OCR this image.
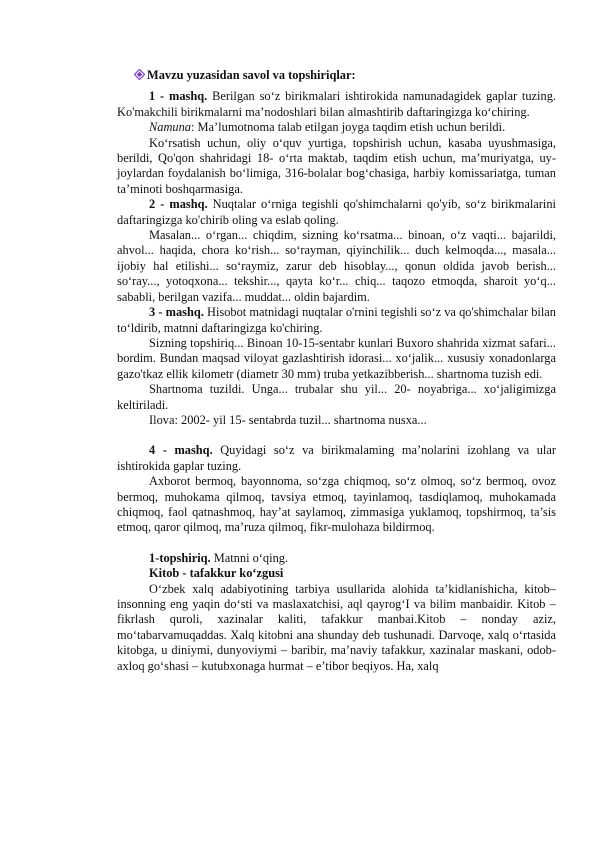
Mavzu yuzasidan savol va topshiriqlar:

1 - mashq. Berilgan so‘z birikmalari ishtirokida namunadagidek gaplar tuzing. Ko'makchili birikmalarni ma’nodoshlari bilan almashtirib daftaringizga ko‘chiring.

Namuna: Ma’lumotnoma talab etilgan joyga taqdim etish uchun berildi.

Ko‘rsatish uchun, oliy o‘quv yurtiga, topshirish uchun, kasaba uyushmasiga, berildi, Qo'qon shahridagi 18- o‘rta maktab, taqdim etish uchun, ma’muriyatga, uy-joylardan foydalanish bo‘limiga, 316-bolalar bog‘chasiga, harbiy komissariatga, tuman ta’minoti boshqarmasiga.

2 - mashq. Nuqtalar o‘rniga tegishli qo'shimchalarni qo'yib, so‘z birikmalarini daftaringizga ko'chirib oling va eslab qoling.

Masalan... o‘rgan... chiqdim, sizning ko‘rsatma... binoan, o‘z vaqti... bajarildi, ahvol... haqida, chora ko‘rish... so‘rayman, qiyinchilik... duch kelmoqda..., masala... ijobiy hal etilishi... so‘raymiz, zarur deb hisoblay..., qonun oldida javob berish... so‘ray..., yotoqxona... tekshir..., qayta ko‘r... chiq... taqozo etmoqda, sharoit yo‘q... sababli, berilgan vazifa... muddat... oldin bajardim.

3 - mashq. Hisobot matnidagi nuqtalar o'rnini tegishli so‘z va qo'shimchalar bilan to‘ldirib, matnni daftaringizga ko'chiring.

Sizning topshiriq... Binoan 10-15-sentabr kunlari Buxoro shahrida xizmat safari... bordim. Bundan maqsad viloyat gazlashtirish idorasi... xo‘jalik... xususiy xonadonlarga gazo'tkaz ellik kilometr (diametr 30 mm) truba yetkazibberish... shartnoma tuzish edi.

Shartnoma tuzildi. Unga... trubalar shu yil... 20- noyabriga... xo‘jaligimizga keltiriladi.

Ilova: 2002- yil 15- sentabrda tuzil... shartnoma nusxa...

4 - mashq. Quyidagi so‘z va birikmalaming ma’nolarini izohlang va ular ishtirokida gaplar tuzing.

Axborot bermoq, bayonnoma, so‘zga chiqmoq, so‘z olmoq, so‘z bermoq, ovoz bermoq, muhokama qilmoq, tavsiya etmoq, tayinlamoq, tasdiqlamoq, muhokamada chiqmoq, faol qatnashmoq, hay’at saylamoq, zimmasiga yuklamoq, topshirmoq, ta’sis etmoq, qaror qilmoq, ma’ruza qilmoq, fikr-mulohaza bildirmoq.

1-topshiriq. Matnni o‘qing.

Kitob - tafakkur ko‘zgusi

O‘zbek xalq adabiyotining tarbiya usullarida alohida ta’kidlanishicha, kitob– insonning eng yaqin do‘sti va maslaxatchisi, aql qayrog‘I va bilim manbaidir. Kitob – fikrlash quroli, xazinalar kaliti, tafakkur manbai.Kitob – nonday aziz, mo‘tabarvamuqaddas. Xalq kitobni ana shunday deb tushunadi. Darvoqe, xalq o‘rtasida kitobga, u diniymi, dunyoviymi – baribir, ma’naviy tafakkur, xazinalar maskani, odob-axloq go‘shasi – kutubxonaga hurmat – e’tibor beqiyos. Ha, xalq
